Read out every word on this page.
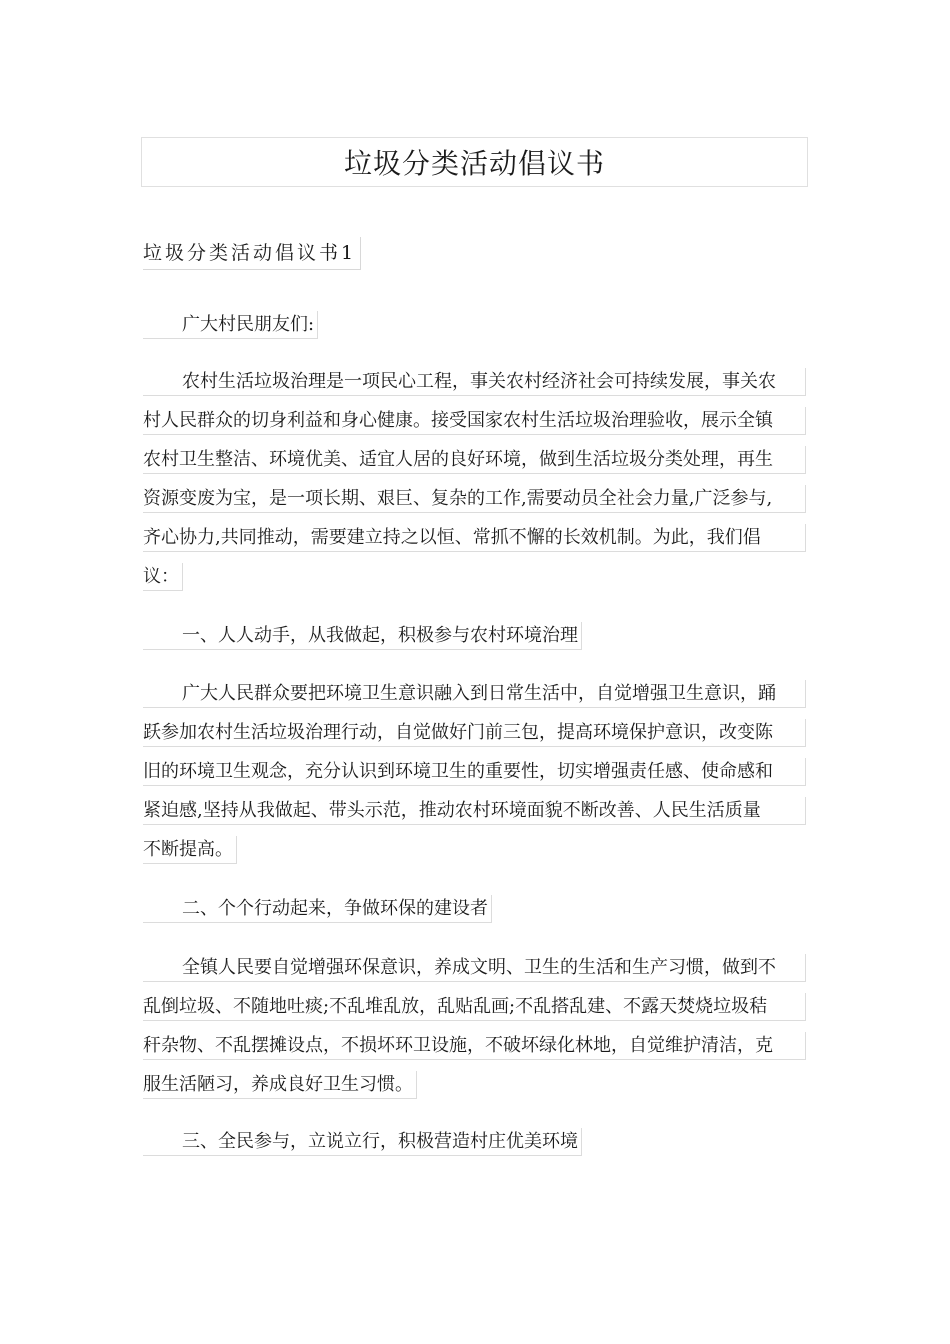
垃圾分类活动倡议书
垃圾分类活动倡议书1
广大村民朋友们:
农村生活垃圾治理是一项民心工程，事关农村经济社会可持续发展，事关农
村人民群众的切身利益和身心健康。接受国家农村生活垃圾治理验收，展示全镇
农村卫生整洁、环境优美、适宜人居的良好环境，做到生活垃圾分类处理，再生
资源变废为宝，是一项长期、艰巨、复杂的工作,需要动员全社会力量,广泛参与,
齐心协力,共同推动，需要建立持之以恒、常抓不懈的长效机制。为此，我们倡
议：
一、人人动手，从我做起，积极参与农村环境治理
广大人民群众要把环境卫生意识融入到日常生活中，自觉增强卫生意识，踊
跃参加农村生活垃圾治理行动，自觉做好门前三包，提高环境保护意识，改变陈
旧的环境卫生观念，充分认识到环境卫生的重要性，切实增强责任感、使命感和
紧迫感,坚持从我做起、带头示范，推动农村环境面貌不断改善、人民生活质量
不断提高。
二、个个行动起来，争做环保的建设者
全镇人民要自觉增强环保意识，养成文明、卫生的生活和生产习惯，做到不
乱倒垃圾、不随地吐痰;不乱堆乱放，乱贴乱画;不乱搭乱建、不露天焚烧垃圾秸
秆杂物、不乱摆摊设点，不损坏环卫设施，不破坏绿化林地，自觉维护清洁，克
服生活陋习，养成良好卫生习惯。
三、全民参与，立说立行，积极营造村庄优美环境
